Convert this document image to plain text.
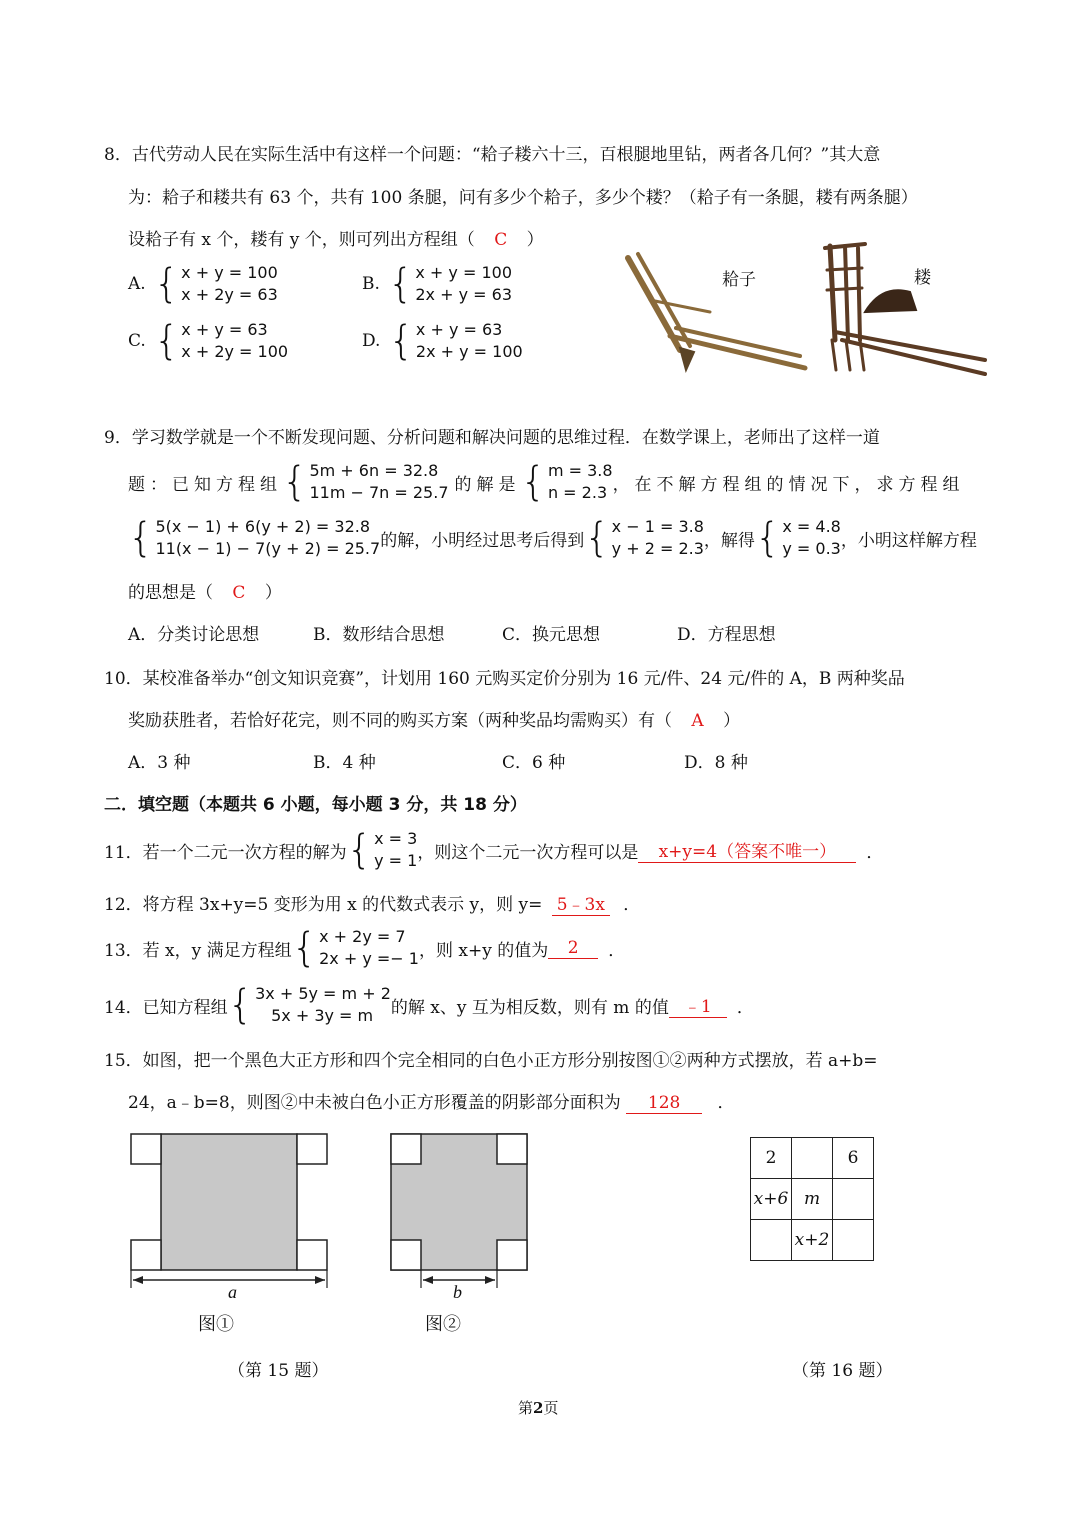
8．古代劳动人民在实际生活中有这样一个问题：“耠子耧六十三，百根腿地里钻，两者各几何？”其大意
为：耠子和耧共有 63 个，共有 100 条腿，问有多少个耠子，多少个耧？（耠子有一条腿，耧有两条腿）
设耠子有 x 个，耧有 y 个，则可列出方程组（ C ）
A. { x + y = 100
x + 2y = 63
B. { x + y = 100
2x + y = 63
C. { x + y = 63
x + 2y = 100
D. { x + y = 63
2x + y = 100
耠子	耧
9．学习数学就是一个不断发现问题、分析问题和解决问题的思维过程．在数学课上，老师出了这样一道
题：已知方程组 { 5m + 6n = 32.8
11m − 7n = 25.7 的解是 { m = 3.8
n = 2.3 ，在不解方程组的情况下，求方程组
{ 5(x − 1) + 6(y + 2) = 32.8
11(x − 1) − 7(y + 2) = 25.7 的解，小明经过思考后得到 { x − 1 = 3.8
y + 2 = 2.3 ，解得 { x = 4.8
y = 0.3 ，小明这样解方程
的思想是（ C ）
A．分类讨论思想	B．数形结合思想	C．换元思想	D．方程思想
10．某校准备举办“创文知识竞赛”，计划用 160 元购买定价分别为 16 元/件、24 元/件的 A，B 两种奖品
奖励获胜者，若恰好花完，则不同的购买方案（两种奖品均需购买）有（ A ）
A．3 种	B．4 种	C．6 种	D．8 种
二．填空题（本题共 6 小题，每小题 3 分，共 18 分）
11．若一个二元一次方程的解为 { x = 3
y = 1 ，则这个二元一次方程可以是	x+y=4（答案不唯一）	．
12．将方程 3x+y=5 变形为用 x 的代数式表示 y，则 y= 5﹣3x ．
13．若 x，y 满足方程组 { x + 2y = 7
2x + y =− 1 ，则 x+y 的值为	2	．
14．已知方程组 { 3x + 5y = m + 2
5x + 3y = m	的解 x、y 互为相反数，则有 m 的值 ﹣1	．
15．如图，把一个黑色大正方形和四个完全相同的白色小正方形分别按图①②两种方式摆放，若 a+b=
24，a﹣b=8，则图②中未被白色小正方形覆盖的阴影部分面积为 128 ．
a
图①
b
图②
2		6
x+6	m	
	x+2	
（第 15 题）	（第 16 题）
第2页
